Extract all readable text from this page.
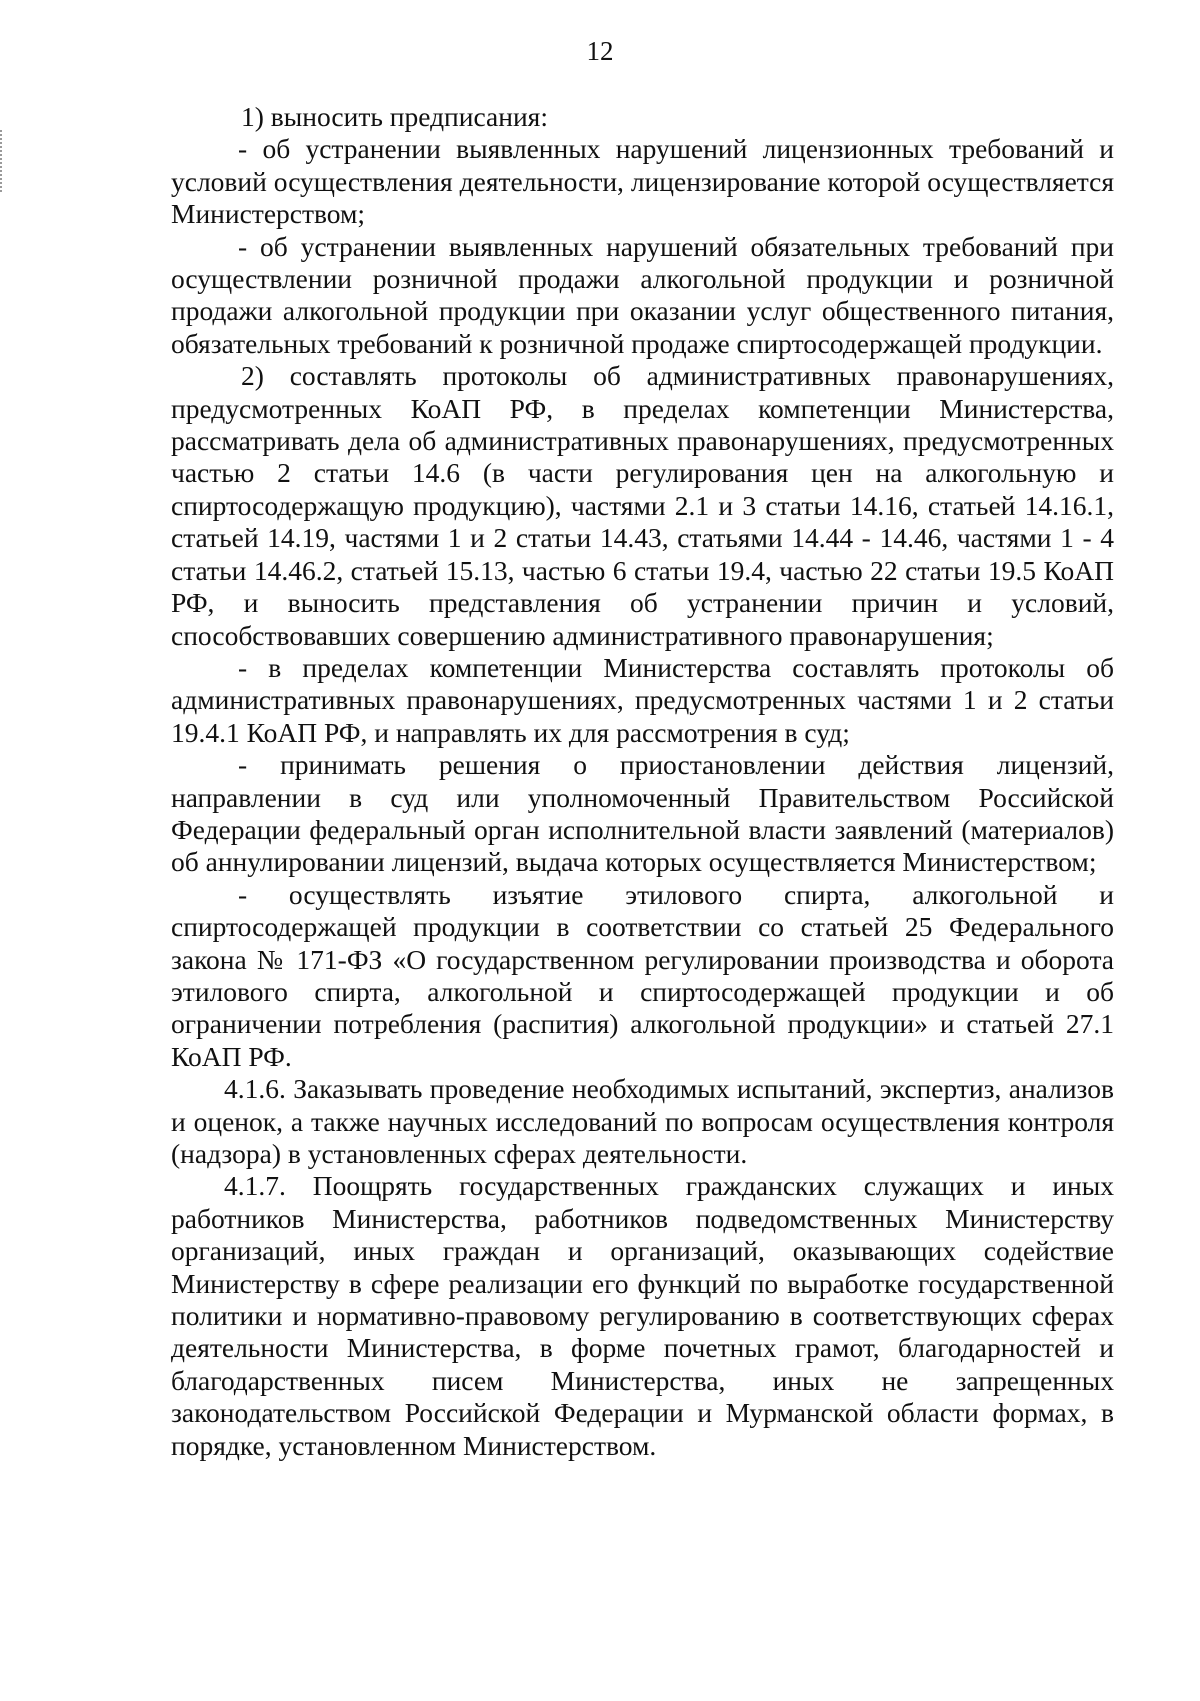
12

1) выносить предписания:

- об устранении выявленных нарушений лицензионных требований и условий осуществления деятельности, лицензирование которой осуществляется Министерством;

- об устранении выявленных нарушений обязательных требований при осуществлении розничной продажи алкогольной продукции и розничной продажи алкогольной продукции при оказании услуг общественного питания, обязательных требований к розничной продаже спиртосодержащей продукции.

2) составлять протоколы об административных правонарушениях, предусмотренных КоАП РФ, в пределах компетенции Министерства, рассматривать дела об административных правонарушениях, предусмотренных частью 2 статьи 14.6 (в части регулирования цен на алкогольную и спиртосодержащую продукцию), частями 2.1 и 3 статьи 14.16, статьей 14.16.1, статьей 14.19, частями 1 и 2 статьи 14.43, статьями 14.44 - 14.46, частями 1 - 4 статьи 14.46.2, статьей 15.13, частью 6 статьи 19.4, частью 22 статьи 19.5 КоАП РФ, и выносить представления об устранении причин и условий, способствовавших совершению административного правонарушения;

- в пределах компетенции Министерства составлять протоколы об административных правонарушениях, предусмотренных частями 1 и 2 статьи 19.4.1 КоАП РФ, и направлять их для рассмотрения в суд;

- принимать решения о приостановлении действия лицензий, направлении в суд или уполномоченный Правительством Российской Федерации федеральный орган исполнительной власти заявлений (материалов) об аннулировании лицензий, выдача которых осуществляется Министерством;

- осуществлять изъятие этилового спирта, алкогольной и спиртосодержащей продукции в соответствии со статьей 25 Федерального закона № 171-ФЗ «О государственном регулировании производства и оборота этилового спирта, алкогольной и спиртосодержащей продукции и об ограничении потребления (распития) алкогольной продукции» и статьей 27.1 КоАП РФ.

4.1.6. Заказывать проведение необходимых испытаний, экспертиз, анализов и оценок, а также научных исследований по вопросам осуществления контроля (надзора) в установленных сферах деятельности.

4.1.7. Поощрять государственных гражданских служащих и иных работников Министерства, работников подведомственных Министерству организаций, иных граждан и организаций, оказывающих содействие Министерству в сфере реализации его функций по выработке государственной политики и нормативно-правовому регулированию в соответствующих сферах деятельности Министерства, в форме почетных грамот, благодарностей и благодарственных писем Министерства, иных не запрещенных законодательством Российской Федерации и Мурманской области формах, в порядке, установленном Министерством.
